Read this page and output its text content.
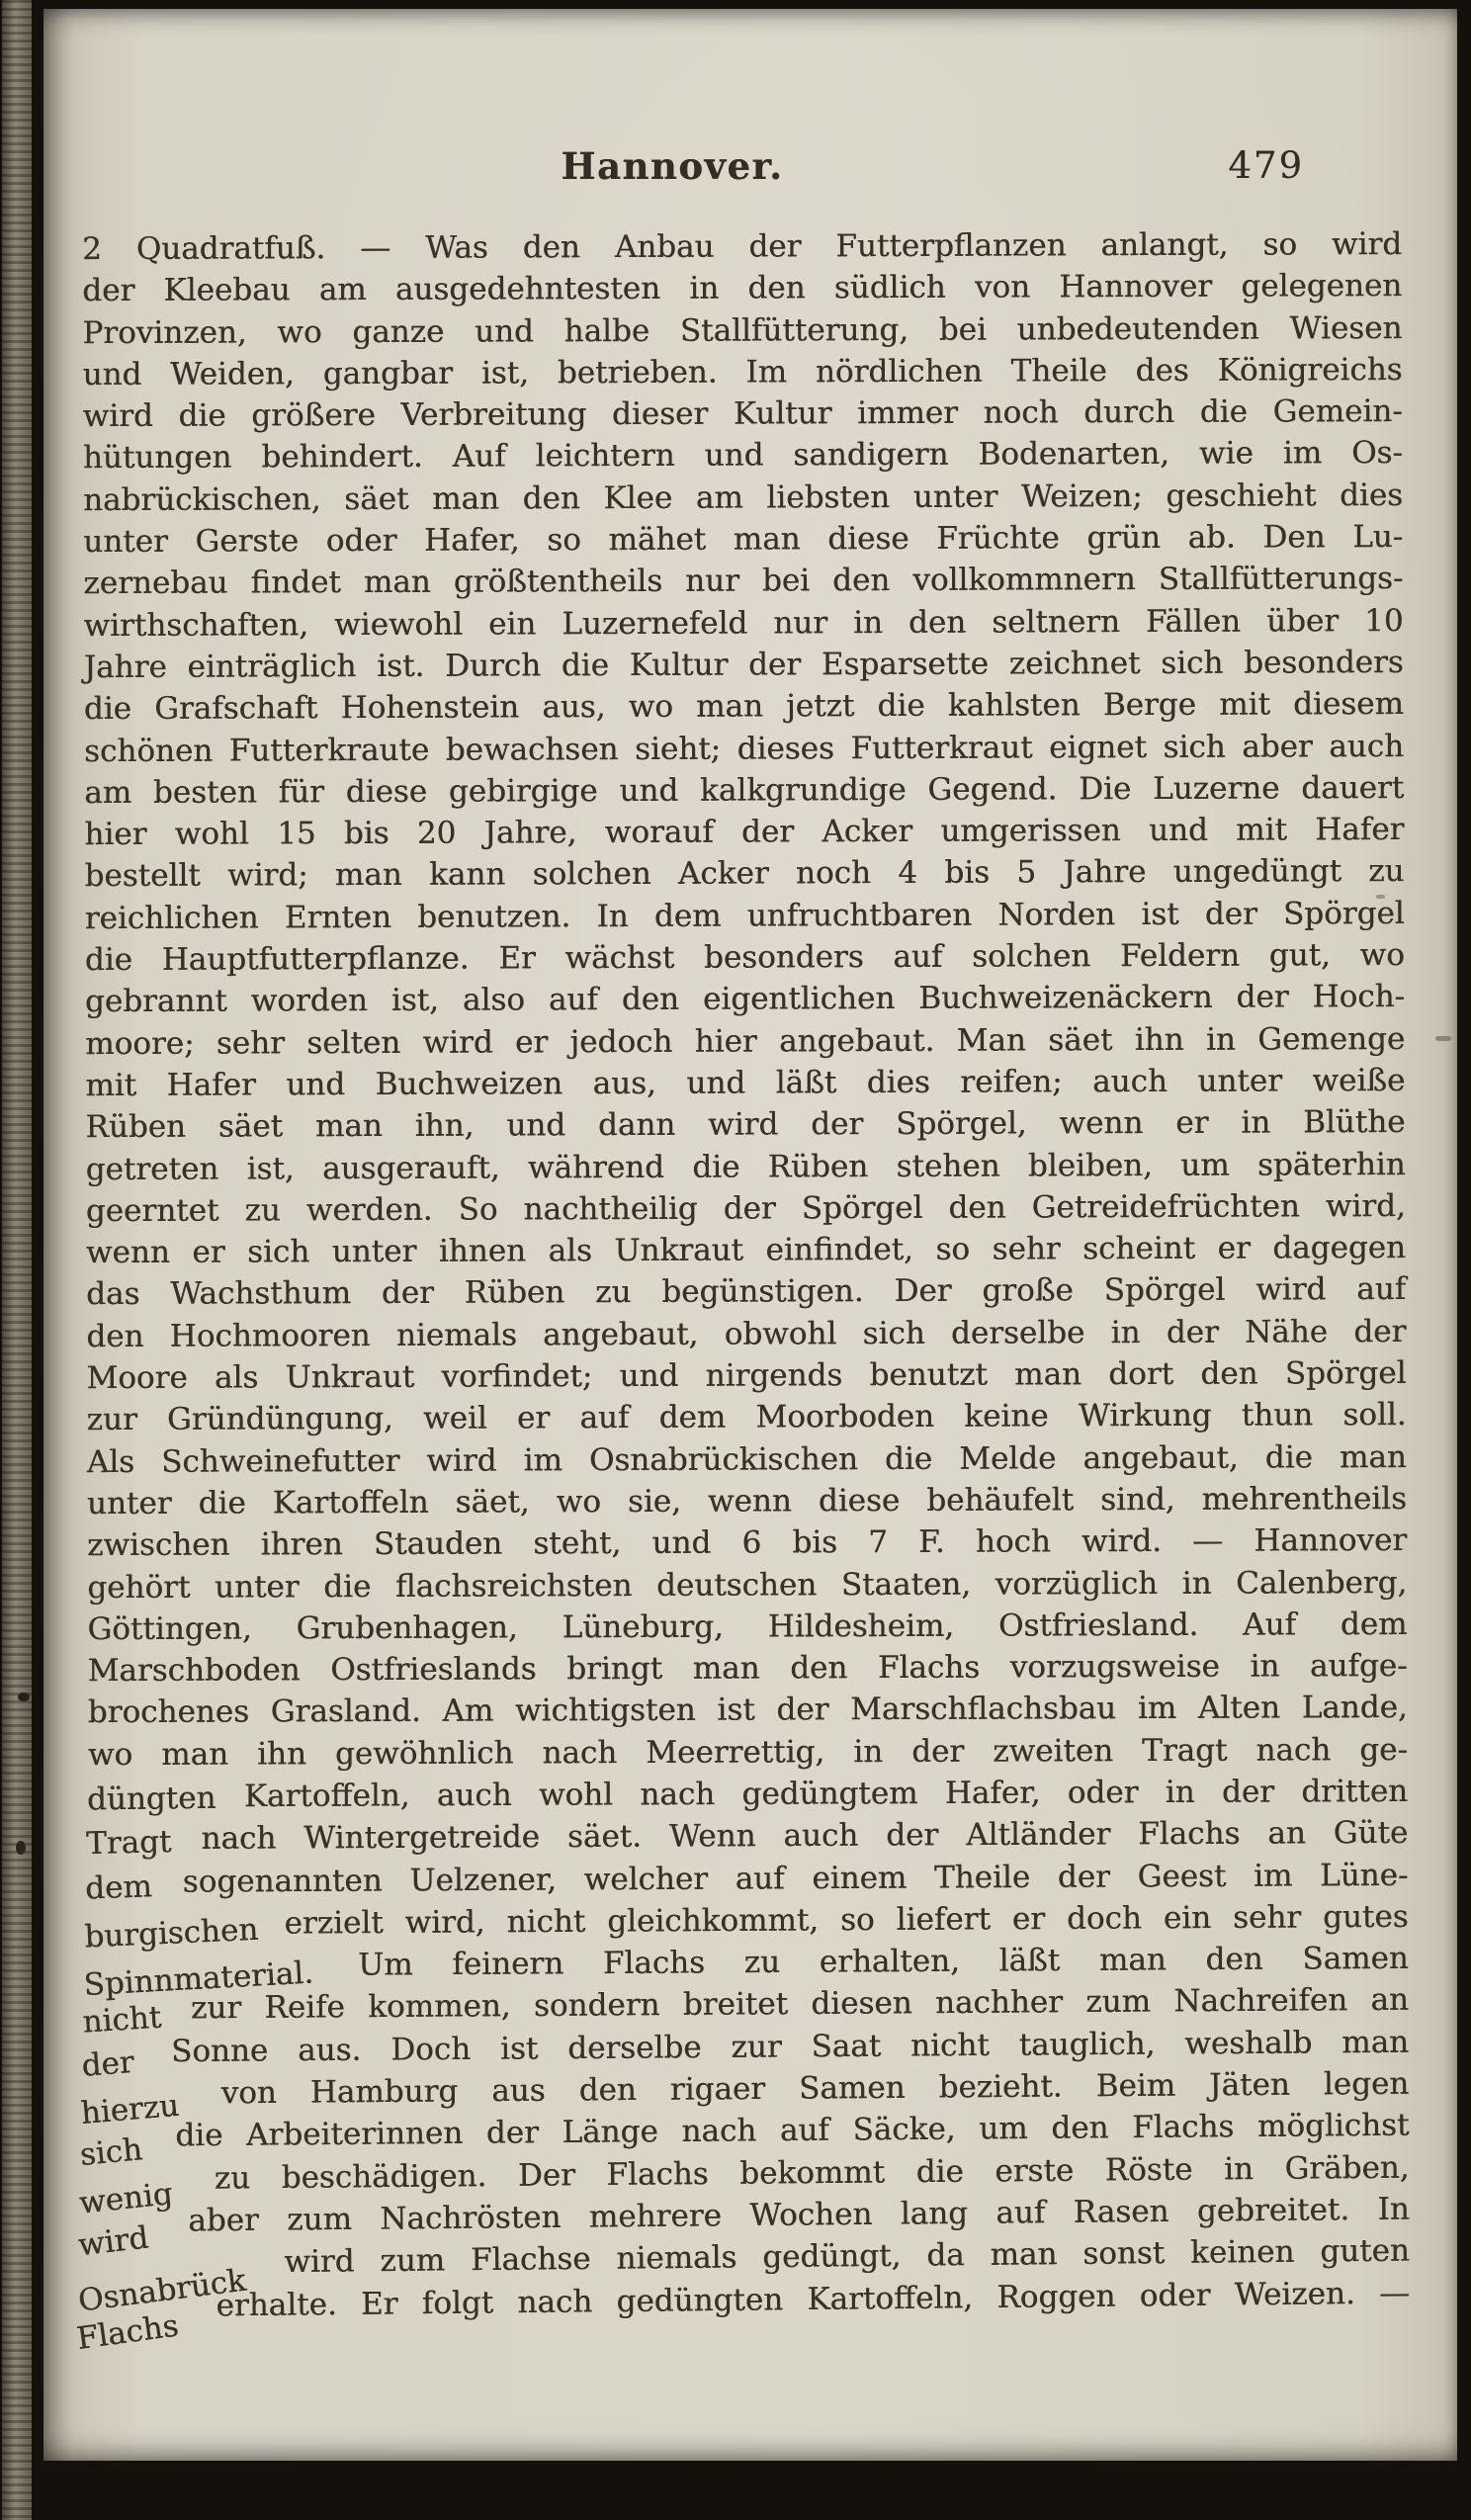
Hannover.	479
2 Quadratfuß. — Was den Anbau der Futterpflanzen anlangt, so wird
der Kleebau am ausgedehntesten in den südlich von Hannover gelegenen
Provinzen, wo ganze und halbe Stallfütterung, bei unbedeutenden Wiesen
und Weiden, gangbar ist, betrieben. Im nördlichen Theile des Königreichs
wird die größere Verbreitung dieser Kultur immer noch durch die Gemein-
hütungen behindert. Auf leichtern und sandigern Bodenarten, wie im Os-
nabrückischen, säet man den Klee am liebsten unter Weizen; geschieht dies
unter Gerste oder Hafer, so mähet man diese Früchte grün ab. Den Lu-
zernebau findet man größtentheils nur bei den vollkommnern Stallfütterungs-
wirthschaften, wiewohl ein Luzernefeld nur in den seltnern Fällen über 10
Jahre einträglich ist. Durch die Kultur der Esparsette zeichnet sich besonders
die Grafschaft Hohenstein aus, wo man jetzt die kahlsten Berge mit diesem
schönen Futterkraute bewachsen sieht; dieses Futterkraut eignet sich aber auch
am besten für diese gebirgige und kalkgrundige Gegend. Die Luzerne dauert
hier wohl 15 bis 20 Jahre, worauf der Acker umgerissen und mit Hafer
bestellt wird; man kann solchen Acker noch 4 bis 5 Jahre ungedüngt zu
reichlichen Ernten benutzen. In dem unfruchtbaren Norden ist der Spörgel
die Hauptfutterpflanze. Er wächst besonders auf solchen Feldern gut, wo
gebrannt worden ist, also auf den eigentlichen Buchweizenäckern der Hoch-
moore; sehr selten wird er jedoch hier angebaut. Man säet ihn in Gemenge
mit Hafer und Buchweizen aus, und läßt dies reifen; auch unter weiße
Rüben säet man ihn, und dann wird der Spörgel, wenn er in Blüthe
getreten ist, ausgerauft, während die Rüben stehen bleiben, um späterhin
geerntet zu werden. So nachtheilig der Spörgel den Getreidefrüchten wird,
wenn er sich unter ihnen als Unkraut einfindet, so sehr scheint er dagegen
das Wachsthum der Rüben zu begünstigen. Der große Spörgel wird auf
den Hochmooren niemals angebaut, obwohl sich derselbe in der Nähe der
Moore als Unkraut vorfindet; und nirgends benutzt man dort den Spörgel
zur Gründüngung, weil er auf dem Moorboden keine Wirkung thun soll.
Als Schweinefutter wird im Osnabrückischen die Melde angebaut, die man
unter die Kartoffeln säet, wo sie, wenn diese behäufelt sind, mehrentheils
zwischen ihren Stauden steht, und 6 bis 7 F. hoch wird. — Hannover
gehört unter die flachsreichsten deutschen Staaten, vorzüglich in Calenberg,
Göttingen, Grubenhagen, Lüneburg, Hildesheim, Ostfriesland. Auf dem
Marschboden Ostfrieslands bringt man den Flachs vorzugsweise in aufge-
brochenes Grasland. Am wichtigsten ist der Marschflachsbau im Alten Lande,
wo man ihn gewöhnlich nach Meerrettig, in der zweiten Tragt nach ge-
düngten Kartoffeln, auch wohl nach gedüngtem Hafer, oder in der dritten
Tragt nach Wintergetreide säet. Wenn auch der Altländer Flachs an Güte
dem sogenannten Uelzener, welcher auf einem Theile der Geest im Lüne-
burgischen erzielt wird, nicht gleichkommt, so liefert er doch ein sehr gutes
Spinnmaterial. Um feinern Flachs zu erhalten, läßt man den Samen
nicht zur Reife kommen, sondern breitet diesen nachher zum Nachreifen an
der Sonne aus. Doch ist derselbe zur Saat nicht tauglich, weshalb man
hierzu von Hamburg aus den rigaer Samen bezieht. Beim Jäten legen
sich die Arbeiterinnen der Länge nach auf Säcke, um den Flachs möglichst
wenig zu beschädigen. Der Flachs bekommt die erste Röste in Gräben,
wird aber zum Nachrösten mehrere Wochen lang auf Rasen gebreitet. In
Osnabrück wird zum Flachse niemals gedüngt, da man sonst keinen guten
Flachs erhalte. Er folgt nach gedüngten Kartoffeln, Roggen oder Weizen. —
